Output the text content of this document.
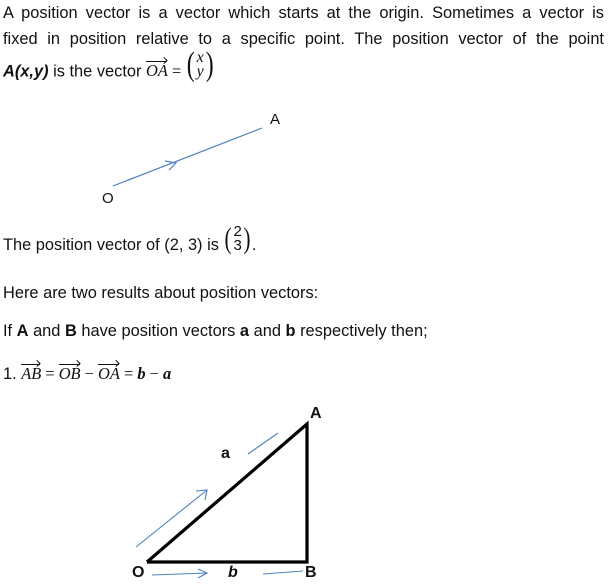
A position vector is a vector which starts at the origin. Sometimes a vector is
fixed in position relative to a specific point. The position vector of the point
A(x,y) is the vector OA = ( x
y )
O
A
The position vector of (2, 3) is ( 2
3 ) .
Here are two results about position vectors:
If A and B have position vectors a and b respectively then;
1. AB = OB − OA = b − a
A
a
O	b	B
